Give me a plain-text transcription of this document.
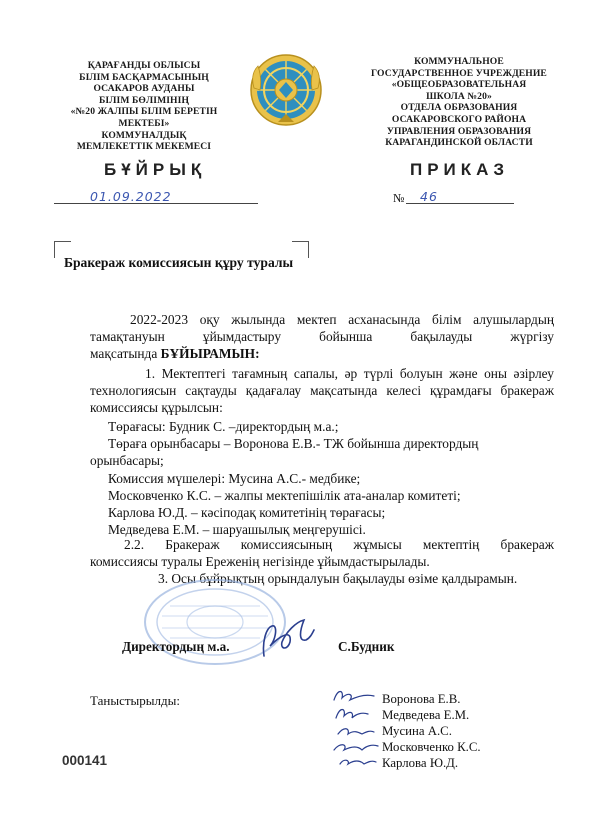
ҚАРАҒАНДЫ ОБЛЫСЫ
БІЛІМ БАСҚАРМАСЫНЫҢ
ОСАКАРОВ АУДАНЫ
БІЛІМ БӨЛІМІНІҢ
«№20 ЖАЛПЫ БІЛІМ БЕРЕТІН
МЕКТЕБІ»
КОММУНАЛДЫҚ
МЕМЛЕКЕТТІК МЕКЕМЕСІ
КОММУНАЛЬНОЕ
ГОСУДАРСТВЕННОЕ УЧРЕЖДЕНИЕ
«ОБЩЕОБРАЗОВАТЕЛЬНАЯ
ШКОЛА №20»
ОТДЕЛА ОБРАЗОВАНИЯ
ОСАКАРОВСКОГО РАЙОНА
УПРАВЛЕНИЯ ОБРАЗОВАНИЯ
КАРАГАНДИНСКОЙ ОБЛАСТИ
БҰЙРЫҚ	ПРИКАЗ
01.09.2022	№ 46
Бракераж комиссиясын құру туралы
2022-2023 оқу жылында мектеп асханасында білім алушылардың
тамақтануын ұйымдастыру бойынша бақылауды жүргізу
мақсатында БҰЙЫРАМЫН:
1. Мектептегі тағамның сапалы, әр түрлі болуын және оны әзірлеу
технологиясын сақтауды қадағалау мақсатында келесі құрамдағы бракераж
комиссиясы құрылсын:
Төрағасы: Будник С. –директордың м.а.;
Төрағa орынбасары – Воронова Е.В.- ТЖ бойынша директордың
орынбасары;
Комиссия мүшелері: Мусина А.С.- медбике;
Московченко К.С. – жалпы мектепішілік ата-аналар комитеті;
Карлова Ю.Д. – кәсіподақ комитетінің төрағасы;
Медведева Е.М. – шаруашылық меңгерушісі.
2.2. Бракераж комиссиясының жұмысы мектептің бракераж
комиссиясы туралы Ереженің негізінде ұйымдастырылады.
3. Осы бұйрықтың орындалуын бақылауды өзіме қалдырамын.
Директордың м.а.	С.Будник
Таныстырылды:	Воронова Е.В.
Медведева Е.М.
Мусина А.С.
Московченко К.С.
Карлова Ю.Д.
000141
